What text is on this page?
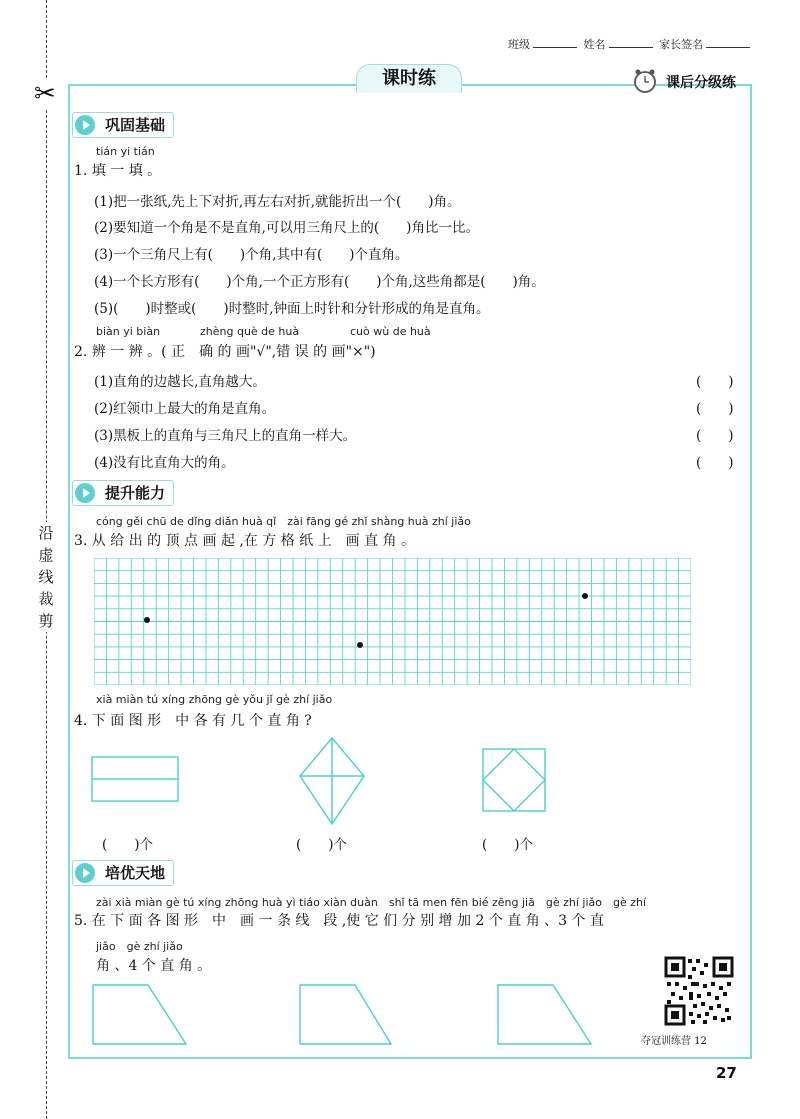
✂
沿
虚
线
裁
剪
班级	姓名	家长签名
课时练	课后分级练
巩固基础
tián yi tián
1. 填 一 填 。
(1)把一张纸,先上下对折,再左右对折,就能折出一个(　　)角。
(2)要知道一个角是不是直角,可以用三角尺上的(　　)角比一比。
(3)一个三角尺上有(　　)个角,其中有(　　)个直角。
(4)一个长方形有(　　)个角,一个正方形有(　　)个角,这些角都是(　　)角。
(5)(　　)时整或(　　)时整时,钟面上时针和分针形成的角是直角。
biàn yi biàn	zhèng què de huà	cuò wù de huà
2. 辨 一 辨 。( 正　确 的 画"√",错 误 的 画"×")
(1)直角的边越长,直角越大。	(　　)
(2)红领巾上最大的角是直角。	(　　)
(3)黑板上的直角与三角尺上的直角一样大。	(　　)
(4)没有比直角大的角。	(　　)
提升能力
cóng gěi chū de dǐng diǎn huà qǐ　zài fāng gé zhǐ shàng huà zhí jiǎo
3. 从 给 出 的 顶 点 画 起 ,在 方 格 纸 上　画 直 角 。
xià miàn tú xíng zhōng gè yǒu jǐ gè zhí jiǎo
4. 下 面 图 形　中 各 有 几 个 直 角 ?
(　　)个	(　　)个	(　　)个
培优天地
zài xià miàn gè tú xíng zhōng huà yì tiáo xiàn duàn　shǐ tā men fēn bié zēng jiā　gè zhí jiǎo　gè zhí
5. 在 下 面 各 图 形　中　画 一 条 线　段 ,使 它 们 分 别 增 加 2 个 直 角 、3 个 直
jiǎo　gè zhí jiǎo
角 、4 个 直 角 。
夺冠训练营 12
27
